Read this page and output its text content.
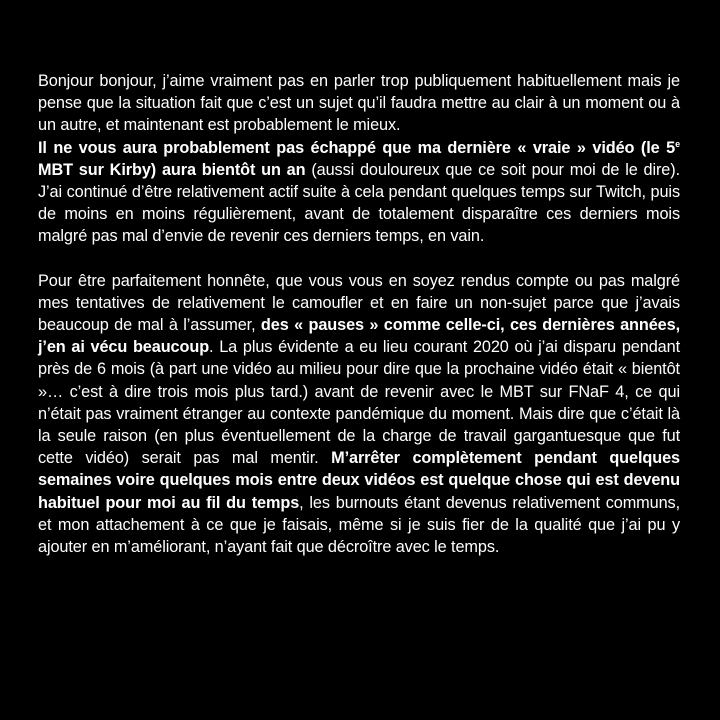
Bonjour bonjour, j’aime vraiment pas en parler trop publiquement habituellement mais je pense que la situation fait que c’est un sujet qu’il faudra mettre au clair à un moment ou à un autre, et maintenant est probablement le mieux.

Il ne vous aura probablement pas échappé que ma dernière « vraie » vidéo (le 5e MBT sur Kirby) aura bientôt un an (aussi douloureux que ce soit pour moi de le dire). J’ai continué d’être relativement actif suite à cela pendant quelques temps sur Twitch, puis de moins en moins régulièrement, avant de totalement disparaître ces derniers mois malgré pas mal d’envie de revenir ces derniers temps, en vain.

Pour être parfaitement honnête, que vous vous en soyez rendus compte ou pas malgré mes tentatives de relativement le camoufler et en faire un non-sujet parce que j’avais beaucoup de mal à l’assumer, des « pauses » comme celle-ci, ces dernières années, j’en ai vécu beaucoup. La plus évidente a eu lieu courant 2020 où j’ai disparu pendant près de 6 mois (à part une vidéo au milieu pour dire que la prochaine vidéo était « bientôt »… c’est à dire trois mois plus tard.) avant de revenir avec le MBT sur FNaF 4, ce qui n’était pas vraiment étranger au contexte pandémique du moment. Mais dire que c’était là la seule raison (en plus éventuellement de la charge de travail gargantuesque que fut cette vidéo) serait pas mal mentir. M’arrêter complètement pendant quelques semaines voire quelques mois entre deux vidéos est quelque chose qui est devenu habituel pour moi au fil du temps, les burnouts étant devenus relativement communs, et mon attachement à ce que je faisais, même si je suis fier de la qualité que j’ai pu y ajouter en m’améliorant, n’ayant fait que décroître avec le temps.
